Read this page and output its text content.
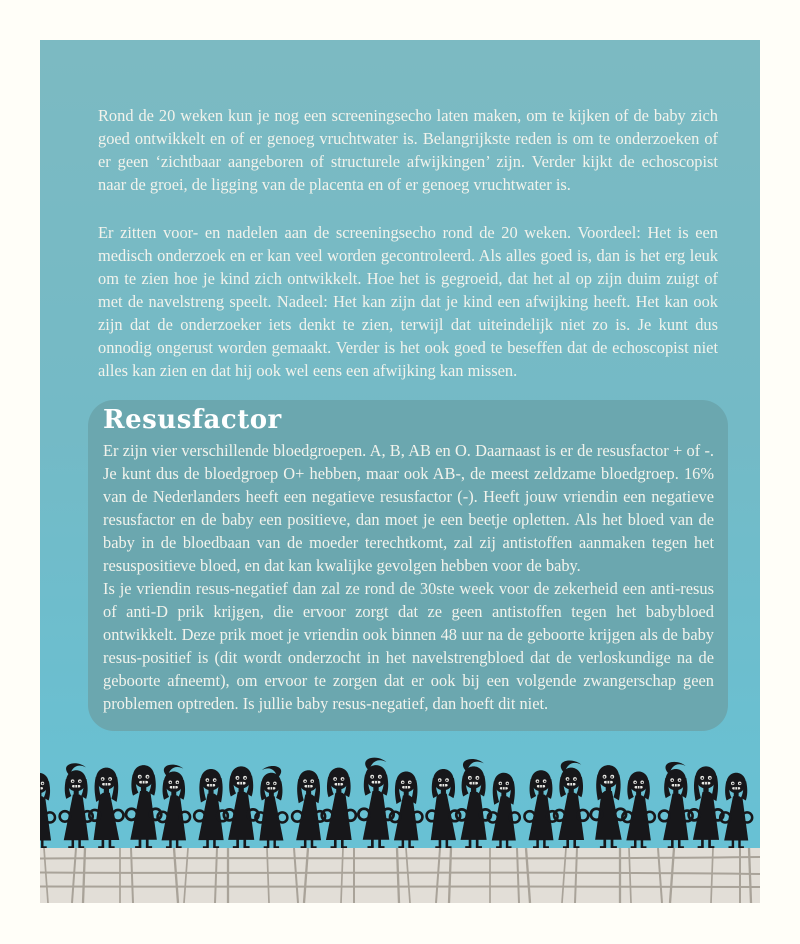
Rond de 20 weken kun je nog een screeningsecho laten maken, om te kijken of de baby zich goed ontwikkelt en of er genoeg vruchtwater is. Belangrijkste reden is om te onderzoeken of er geen ‘zichtbaar aangeboren of structurele afwijkingen’ zijn. Verder kijkt de echoscopist naar de groei, de ligging van de placenta en of er genoeg vruchtwater is.

Er zitten voor- en nadelen aan de screeningsecho rond de 20 weken. Voordeel: Het is een medisch onderzoek en er kan veel worden gecontroleerd. Als alles goed is, dan is het erg leuk om te zien hoe je kind zich ontwikkelt. Hoe het is gegroeid, dat het al op zijn duim zuigt of met de navelstreng speelt. Nadeel: Het kan zijn dat je kind een afwijking heeft. Het kan ook zijn dat de onderzoeker iets denkt te zien, terwijl dat uiteindelijk niet zo is. Je kunt dus onnodig ongerust worden gemaakt. Verder is het ook goed te beseffen dat de echoscopist niet alles kan zien en dat hij ook wel eens een afwijking kan missen.

Resusfactor

Er zijn vier verschillende bloedgroepen. A, B, AB en O. Daarnaast is er de resusfactor + of -. Je kunt dus de bloedgroep O+ hebben, maar ook AB-, de meest zeldzame bloedgroep. 16% van de Nederlanders heeft een negatieve resusfactor (-). Heeft jouw vriendin een negatieve resusfactor en de baby een positieve, dan moet je een beetje opletten. Als het bloed van de baby in de bloedbaan van de moeder terechtkomt, zal zij antistoffen aanmaken tegen het resuspositieve bloed, en dat kan kwalijke gevolgen hebben voor de baby.

Is je vriendin resus-negatief dan zal ze rond de 30ste week voor de zekerheid een anti-resus of anti-D prik krijgen, die ervoor zorgt dat ze geen antistoffen tegen het babybloed ontwikkelt. Deze prik moet je vriendin ook binnen 48 uur na de geboorte krijgen als de baby resus-positief is (dit wordt onderzocht in het navelstrengbloed dat de verloskundige na de geboorte afneemt), om ervoor te zorgen dat er ook bij een volgende zwangerschap geen problemen optreden. Is jullie baby resus-negatief, dan hoeft dit niet.
